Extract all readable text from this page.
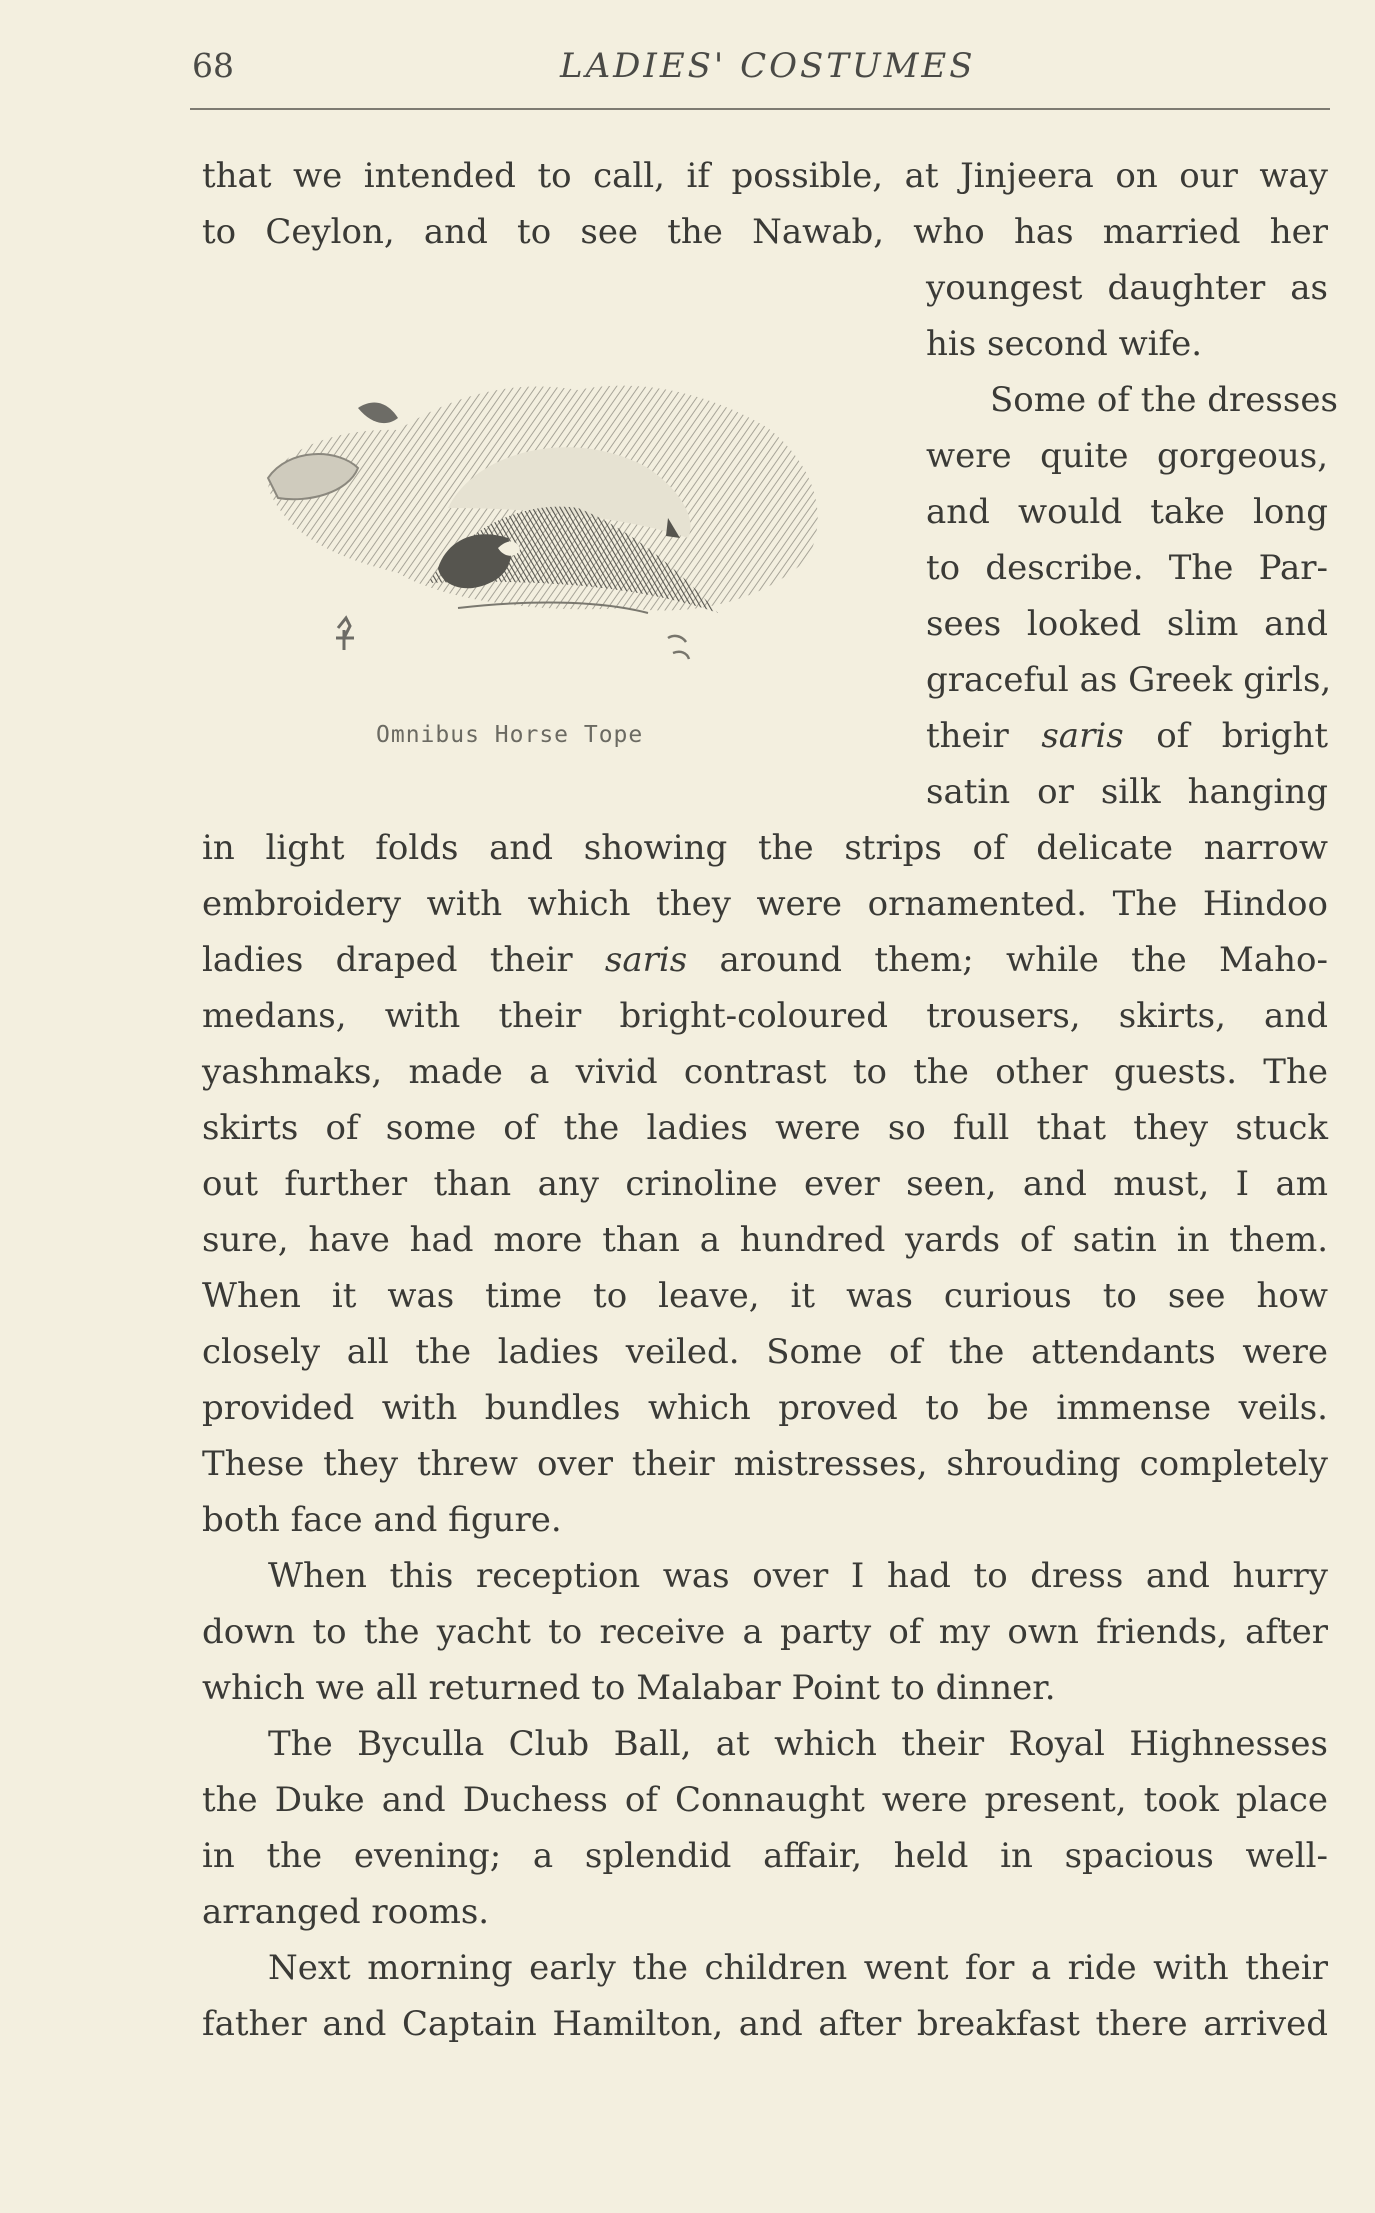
68	LADIES' COSTUMES
that we intended to call, if possible, at Jinjeera on our way
to Ceylon, and to see the Nawab, who has married her
youngest daughter as
his second wife.
Some of the dresses
were quite gorgeous,
and would take long
to describe. The Par-
sees looked slim and
graceful as Greek girls,
their saris of bright
satin or silk hanging
in light folds and showing the strips of delicate narrow
embroidery with which they were ornamented. The Hindoo
ladies draped their saris around them; while the Maho-
medans, with their bright-coloured trousers, skirts, and
yashmaks, made a vivid contrast to the other guests. The
skirts of some of the ladies were so full that they stuck
out further than any crinoline ever seen, and must, I am
sure, have had more than a hundred yards of satin in them.
When it was time to leave, it was curious to see how
closely all the ladies veiled. Some of the attendants were
provided with bundles which proved to be immense veils.
These they threw over their mistresses, shrouding completely
both face and figure.
When this reception was over I had to dress and hurry
down to the yacht to receive a party of my own friends, after
which we all returned to Malabar Point to dinner.
The Byculla Club Ball, at which their Royal Highnesses
the Duke and Duchess of Connaught were present, took place
in the evening; a splendid affair, held in spacious well-
arranged rooms.
Next morning early the children went for a ride with their
father and Captain Hamilton, and after breakfast there arrived
Omnibus Horse Tope
